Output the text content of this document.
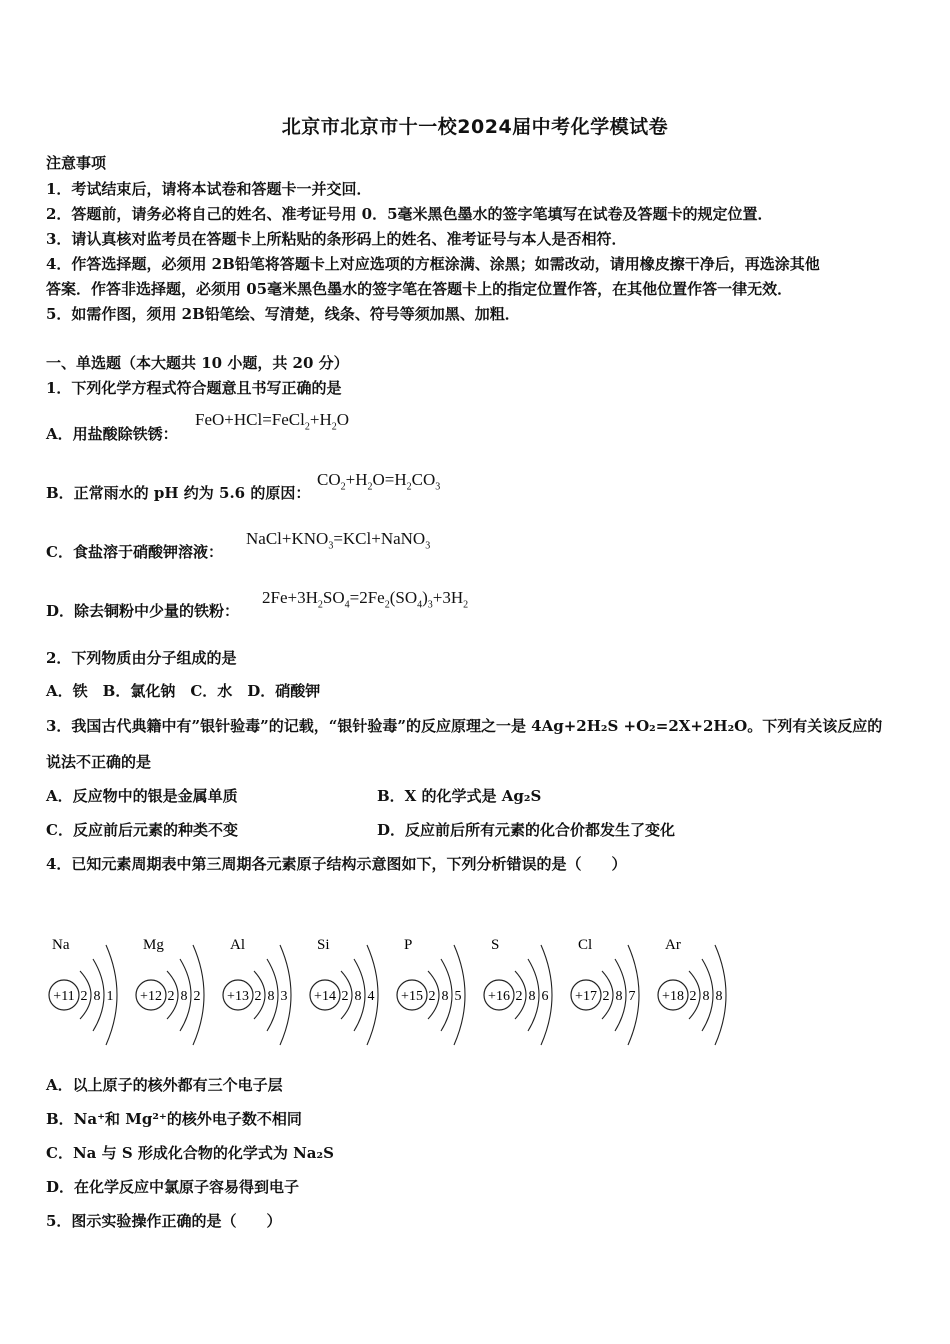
北京市北京市十一校2024届中考化学模试卷
注意事项
1．考试结束后，请将本试卷和答题卡一并交回．
2．答题前，请务必将自己的姓名、准考证号用 0．5毫米黑色墨水的签字笔填写在试卷及答题卡的规定位置．
3．请认真核对监考员在答题卡上所粘贴的条形码上的姓名、准考证号与本人是否相符．
4．作答选择题，必须用 2B铅笔将答题卡上对应选项的方框涂满、涂黑；如需改动，请用橡皮擦干净后，再选涂其他
答案．作答非选择题，必须用 05毫米黑色墨水的签字笔在答题卡上的指定位置作答，在其他位置作答一律无效．
5．如需作图，须用 2B铅笔绘、写清楚，线条、符号等须加黑、加粗．
一、单选题（本大题共 10 小题，共 20 分）
1．下列化学方程式符合题意且书写正确的是
A．用盐酸除铁锈：
$FeO+HCl=FeCl_2+H_2O$
B．正常雨水的 pH 约为 5.6 的原因：
$CO_2+H_2O=H_2CO_3$
C．食盐溶于硝酸钾溶液：
$NaCl+KNO_3=KCl+NaNO_3$
D．除去铜粉中少量的铁粉：
$2Fe+3H_2SO_4=2Fe_2(SO_4)_3+3H_2$
2．下列物质由分子组成的是
A．铁　B．氯化钠　C．水　D．硝酸钾
3．我国古代典籍中有”银针验毒”的记载，“银针验毒”的反应原理之一是 4Ag+2H₂S +O₂=2X+2H₂O。下列有关该反应的
说法不正确的是
A．反应物中的银是金属单质	B．X 的化学式是 Ag₂S
C．反应前后元素的种类不变	D．反应前后所有元素的化合价都发生了变化
4．已知元素周期表中第三周期各元素原子结构示意图如下，下列分析错误的是（　　）
Na
+11 2 8 1
Mg
+12 2 8 2
Al
+13 2 8 3
Si
+14 2 8 4
P
+15 2 8 5
S
+16 2 8 6
Cl
+17 2 8 7
Ar
+18 2 8 8
A．以上原子的核外都有三个电子层
B．Na⁺和 Mg²⁺的核外电子数不相同
C．Na 与 S 形成化合物的化学式为 Na₂S
D．在化学反应中氯原子容易得到电子
5．图示实验操作正确的是（　　）
